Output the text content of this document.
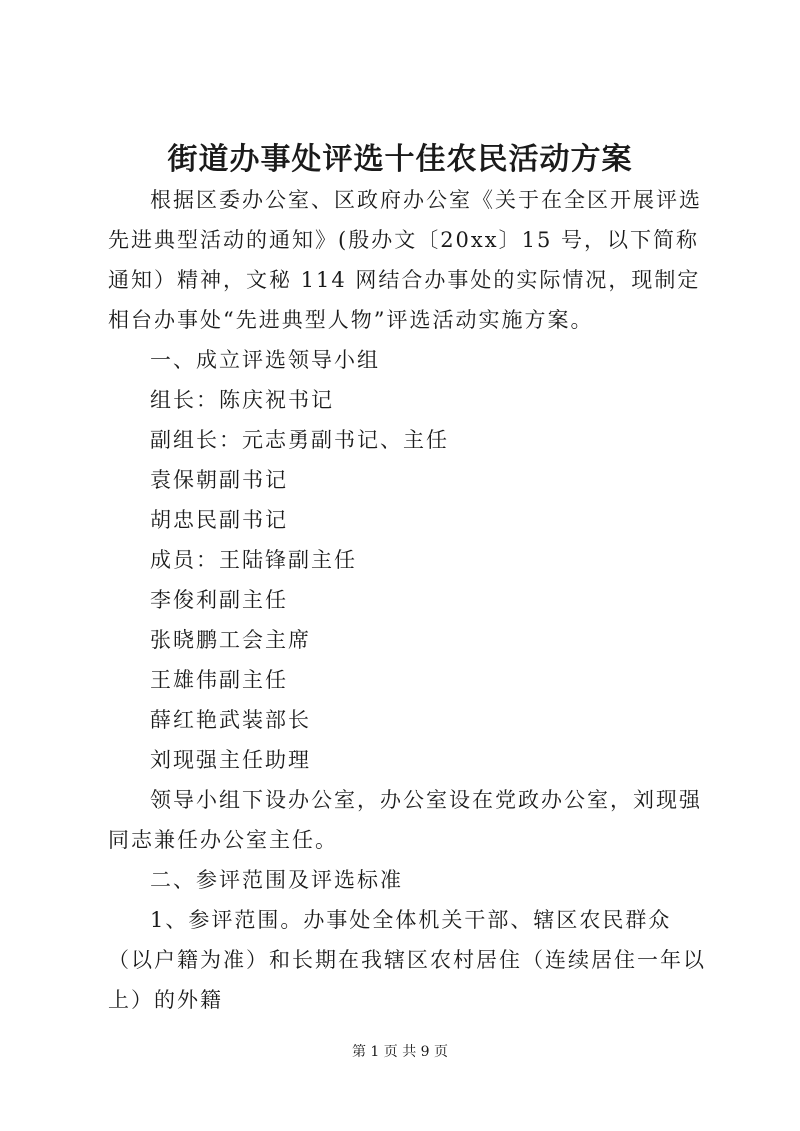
街道办事处评选十佳农民活动方案

根据区委办公室、区政府办公室《关于在全区开展评选先进典型活动的通知》(殷办文〔20xx〕15 号，以下简称通知）精神，文秘 114 网结合办事处的实际情况，现制定相台办事处“先进典型人物”评选活动实施方案。

一、成立评选领导小组

组长：陈庆祝书记

副组长：元志勇副书记、主任

袁保朝副书记

胡忠民副书记

成员：王陆锋副主任

李俊利副主任

张晓鹏工会主席

王雄伟副主任

薛红艳武装部长

刘现强主任助理

领导小组下设办公室，办公室设在党政办公室，刘现强同志兼任办公室主任。

二、参评范围及评选标准

1、参评范围。办事处全体机关干部、辖区农民群众（以户籍为准）和长期在我辖区农村居住（连续居住一年以上）的外籍

第 1 页 共 9 页
